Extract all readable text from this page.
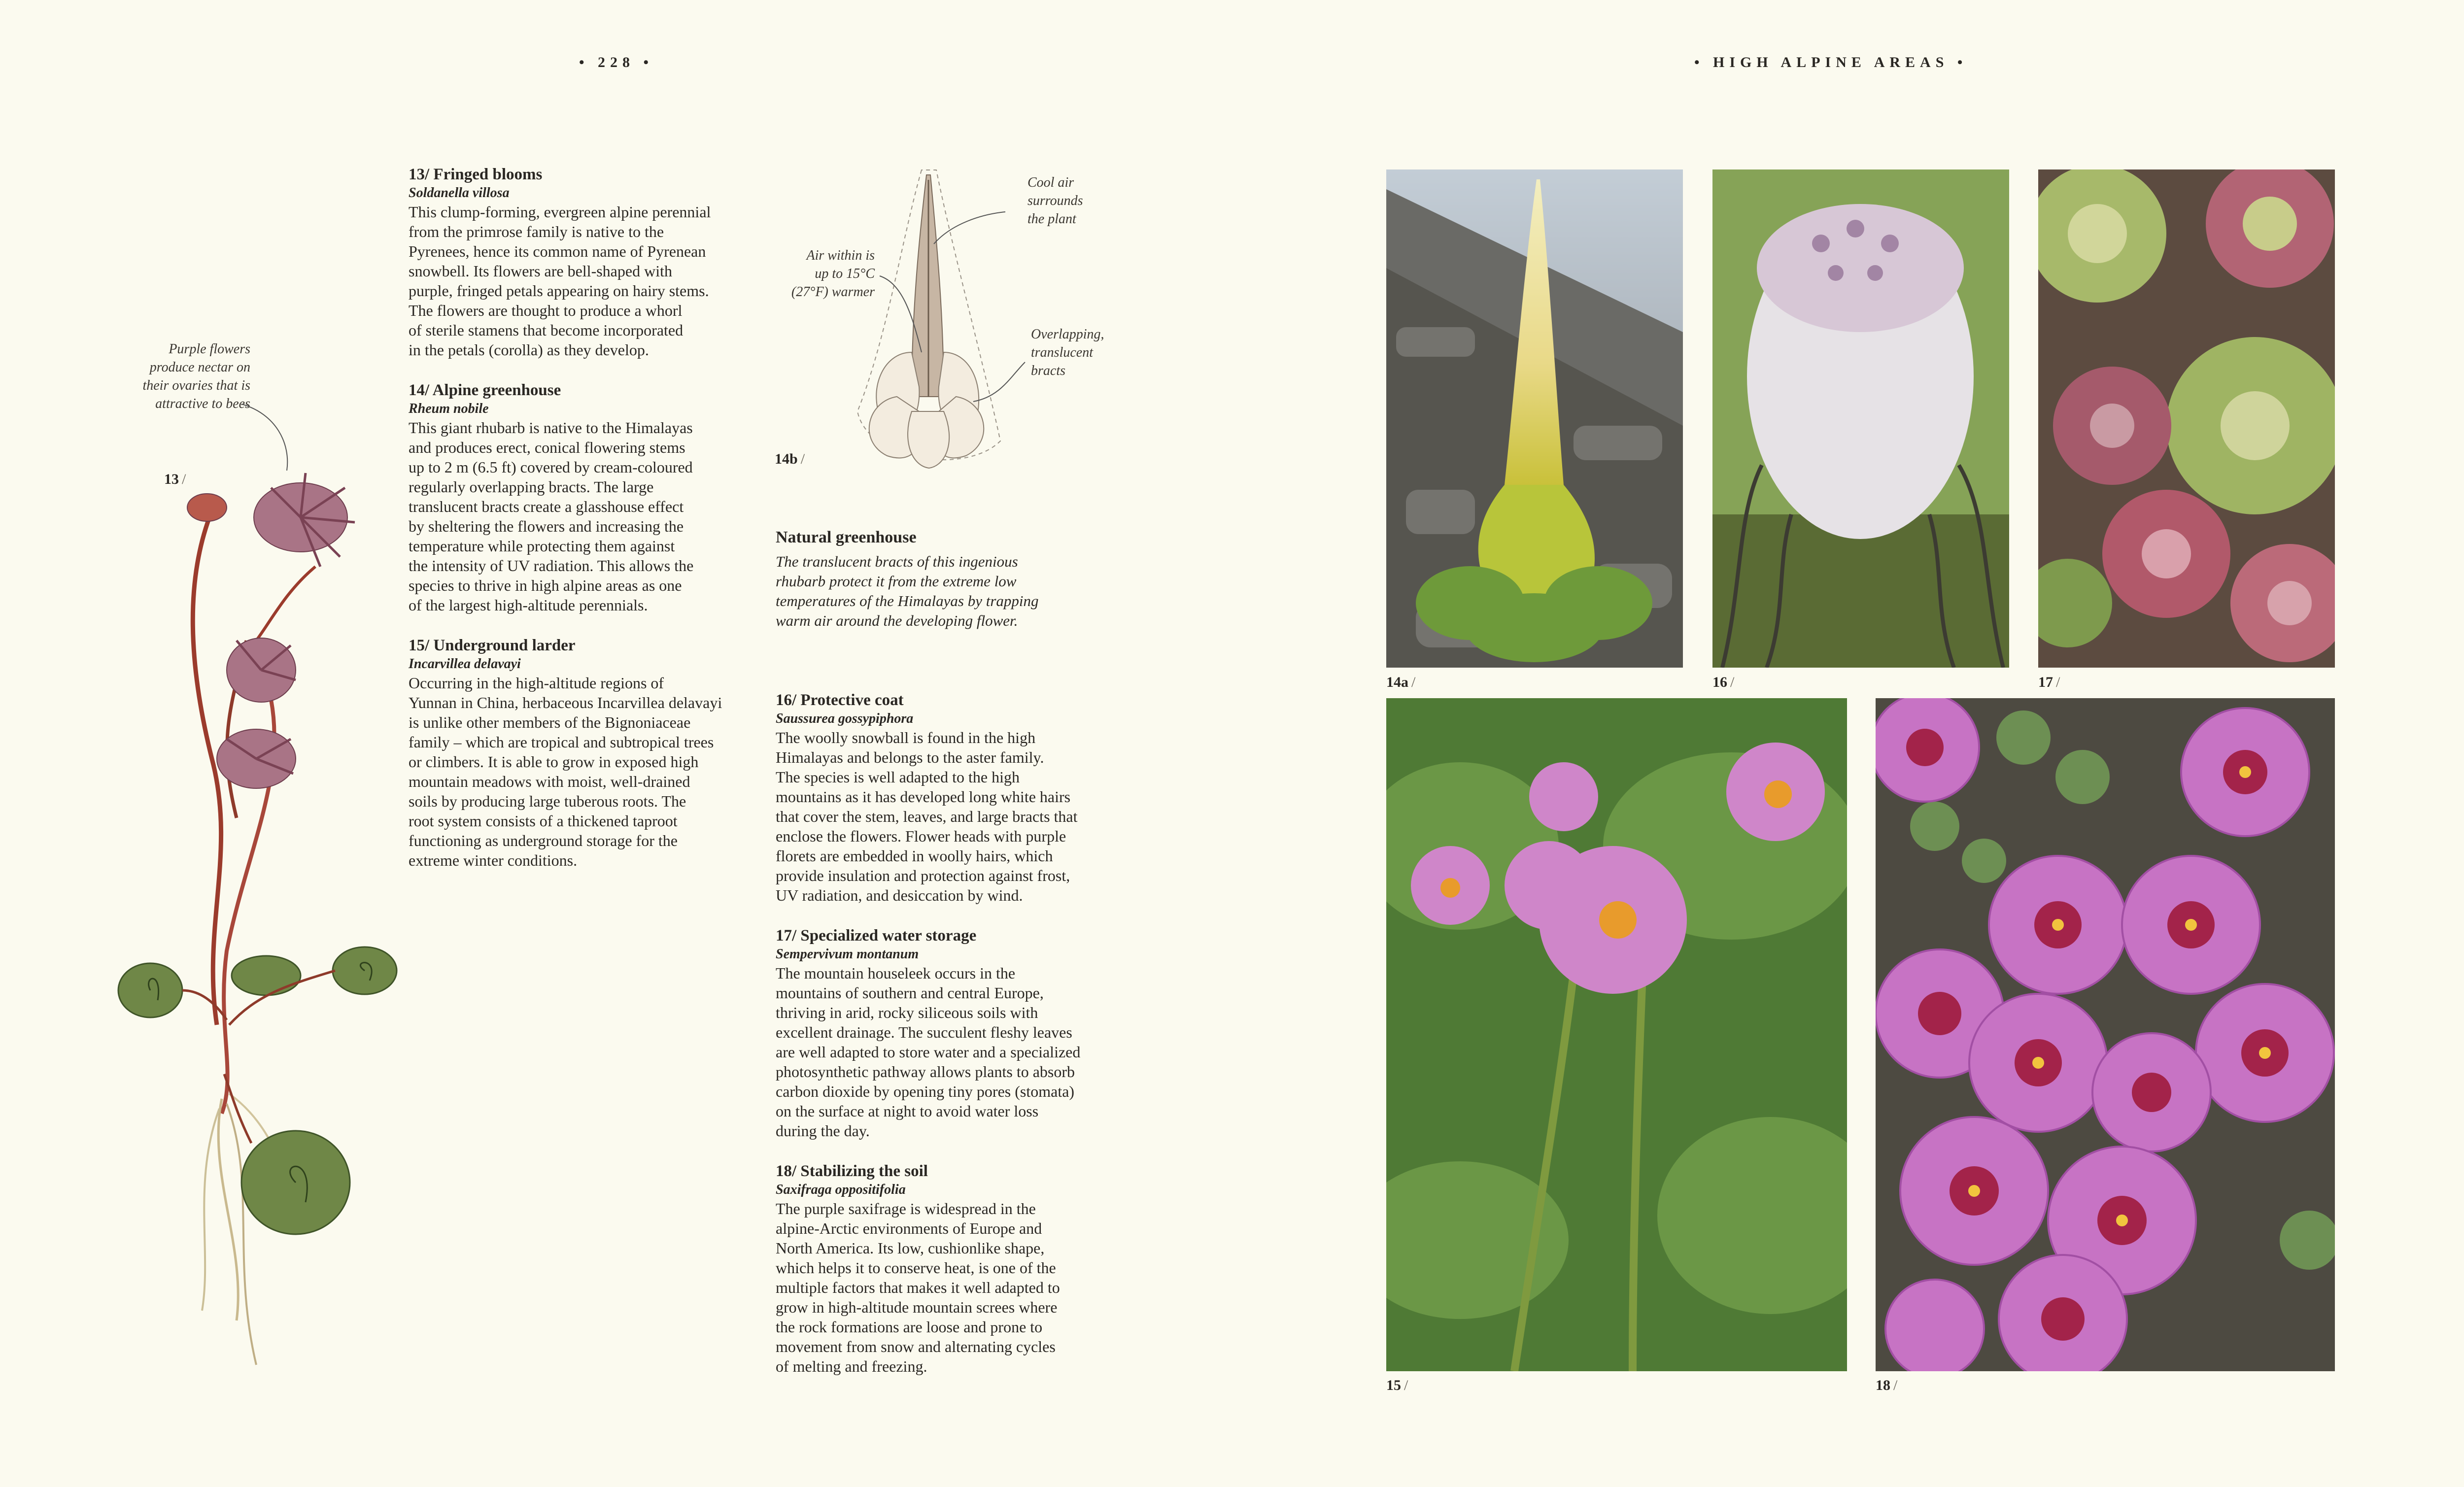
• 228 •	• HIGH ALPINE AREAS •
Purple flowers
produce nectar on
their ovaries that is
attractive to bees
13 /
13/ Fringed blooms
Soldanella villosa
This clump-forming, evergreen alpine perennial
from the primrose family is native to the
Pyrenees, hence its common name of Pyrenean
snowbell. Its flowers are bell-shaped with
purple, fringed petals appearing on hairy stems.
The flowers are thought to produce a whorl
of sterile stamens that become incorporated
in the petals (corolla) as they develop.
14/ Alpine greenhouse
Rheum nobile
This giant rhubarb is native to the Himalayas
and produces erect, conical flowering stems
up to 2 m (6.5 ft) covered by cream-coloured
regularly overlapping bracts. The large
translucent bracts create a glasshouse effect
by sheltering the flowers and increasing the
temperature while protecting them against
the intensity of UV radiation. This allows the
species to thrive in high alpine areas as one
of the largest high-altitude perennials.
15/ Underground larder
Incarvillea delavayi
Occurring in the high-altitude regions of
Yunnan in China, herbaceous Incarvillea delavayi
is unlike other members of the Bignoniaceae
family – which are tropical and subtropical trees
or climbers. It is able to grow in exposed high
mountain meadows with moist, well-drained
soils by producing large tuberous roots. The
root system consists of a thickened taproot
functioning as underground storage for the
extreme winter conditions.
Air within is
up to 15°C
(27°F) warmer
Cool air
surrounds
the plant
Overlapping,
translucent
bracts
14b /
Natural greenhouse
The translucent bracts of this ingenious
rhubarb protect it from the extreme low
temperatures of the Himalayas by trapping
warm air around the developing flower.
16/ Protective coat
Saussurea gossypiphora
The woolly snowball is found in the high
Himalayas and belongs to the aster family.
The species is well adapted to the high
mountains as it has developed long white hairs
that cover the stem, leaves, and large bracts that
enclose the flowers. Flower heads with purple
florets are embedded in woolly hairs, which
provide insulation and protection against frost,
UV radiation, and desiccation by wind.
17/ Specialized water storage
Sempervivum montanum
The mountain houseleek occurs in the
mountains of southern and central Europe,
thriving in arid, rocky siliceous soils with
excellent drainage. The succulent fleshy leaves
are well adapted to store water and a specialized
photosynthetic pathway allows plants to absorb
carbon dioxide by opening tiny pores (stomata)
on the surface at night to avoid water loss
during the day.
18/ Stabilizing the soil
Saxifraga oppositifolia
The purple saxifrage is widespread in the
alpine-Arctic environments of Europe and
North America. Its low, cushionlike shape,
which helps it to conserve heat, is one of the
multiple factors that makes it well adapted to
grow in high-altitude mountain screes where
the rock formations are loose and prone to
movement from snow and alternating cycles
of melting and freezing.
14a /	16 /	17 /
15 /	18 /
